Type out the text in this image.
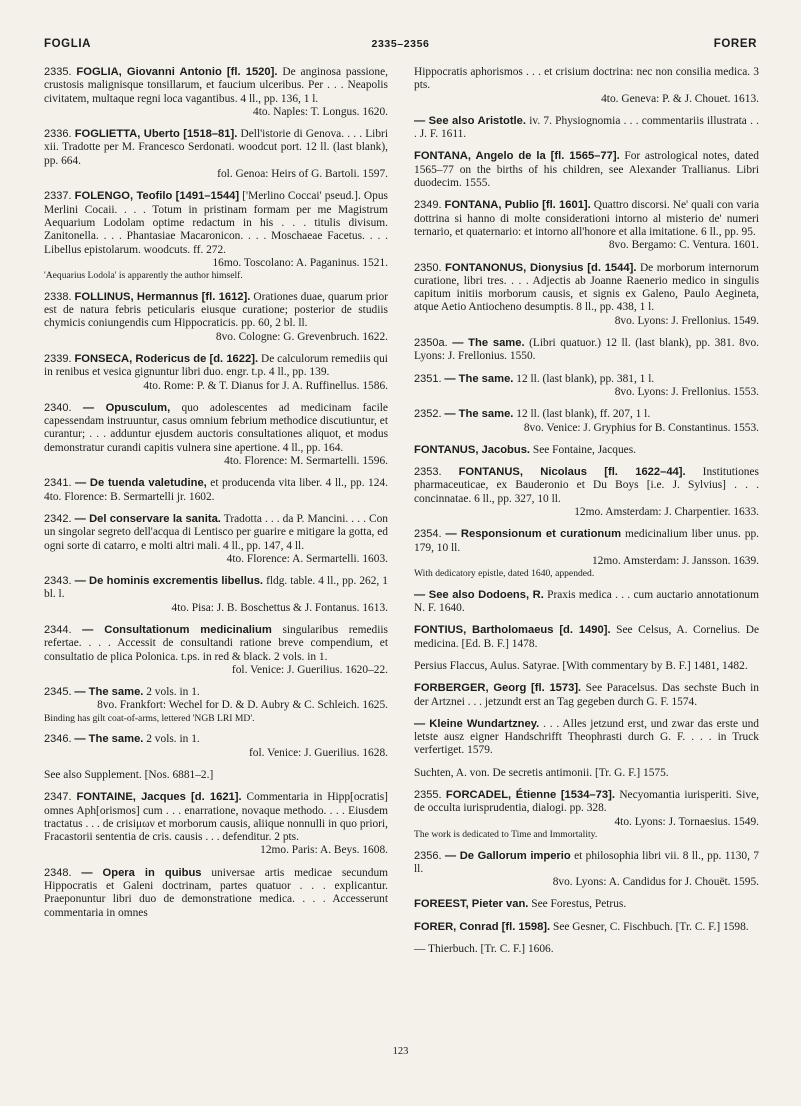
FOGLIA	2335–2356	FORER

2335. FOGLIA, Giovanni Antonio [fl. 1520]. De anginosa passione, crustosis malignisque tonsillarum, et faucium ulceribus. Per . . . Neapolis civitatem, multaque regni loca vagantibus. 4 ll., pp. 136, 1 l.

4to. Naples: T. Longus. 1620.

2336. FOGLIETTA, Uberto [1518–81]. Dell'istorie di Genova. . . . Libri xii. Tradotte per M. Francesco Serdonati. woodcut port. 12 ll. (last blank), pp. 664.

fol. Genoa: Heirs of G. Bartoli. 1597.

2337. FOLENGO, Teofilo [1491–1544] ['Merlino Coccai' pseud.]. Opus Merlini Cocaii. . . . Totum in pristinam formam per me Magistrum Aequarium Lodolam optime redactum in his . . . titulis divisum. Zanitonella. . . . Phantasiae Macaronicon. . . . Moschaeae Facetus. . . . Libellus epistolarum. woodcuts. ff. 272.

16mo. Toscolano: A. Paganinus. 1521.

'Aequarius Lodola' is apparently the author himself.

2338. FOLLINUS, Hermannus [fl. 1612]. Orationes duae, quarum prior est de natura febris peticularis eiusque curatione; posterior de studiis chymicis coniungendis cum Hippocraticis. pp. 60, 2 bl. ll.

8vo. Cologne: G. Grevenbruch. 1622.

2339. FONSECA, Rodericus de [d. 1622]. De calculorum remediis qui in renibus et vesica gignuntur libri duo. engr. t.p. 4 ll., pp. 139.

4to. Rome: P. & T. Dianus for J. A. Ruffinellus. 1586.

2340. — Opusculum, quo adolescentes ad medicinam facile capessendam instruuntur, casus omnium febrium methodice discutiuntur, et curantur; . . . adduntur ejusdem auctoris consultationes aliquot, et modus demonstratur curandi capitis vulnera sine apertione. 4 ll., pp. 164.

4to. Florence: M. Sermartelli. 1596.

2341. — De tuenda valetudine, et producenda vita liber. 4 ll., pp. 124. 4to. Florence: B. Sermartelli jr. 1602.

2342. — Del conservare la sanita. Tradotta . . . da P. Mancini. . . . Con un singolar segreto dell'acqua di Lentisco per guarire e mitigare la gotta, ed ogni sorte di catarro, e molti altri mali. 4 ll., pp. 147, 4 ll.

4to. Florence: A. Sermartelli. 1603.

2343. — De hominis excrementis libellus. fldg. table. 4 ll., pp. 262, 1 bl. l.

4to. Pisa: J. B. Boschettus & J. Fontanus. 1613.

2344. — Consultationum medicinalium singularibus remediis refertae. . . . Accessit de consultandi ratione breve compendium, et consultatio de plica Polonica. t.ps. in red & black. 2 vols. in 1.

fol. Venice: J. Guerilius. 1620–22.

2345. — The same. 2 vols. in 1.

8vo. Frankfort: Wechel for D. & D. Aubry & C. Schleich. 1625.

Binding has gilt coat-of-arms, lettered 'NGB LRI MD'.

2346. — The same. 2 vols. in 1.

fol. Venice: J. Guerilius. 1628.

See also Supplement. [Nos. 6881–2.]

2347. FONTAINE, Jacques [d. 1621]. Commentaria in Hipp[ocratis] omnes Aph[orismos] cum . . . enarratione, novaque methodo. . . . Eiusdem tractatus . . . de crisiμων et morborum causis, aliique nonnulli in quo priori, Fracastorii sententia de cris. causis . . . defenditur. 2 pts.

12mo. Paris: A. Beys. 1608.

2348. — Opera in quibus universae artis medicae secundum Hippocratis et Galeni doctrinam, partes quatuor . . . explicantur. Praeponuntur libri duo de demonstratione medica. . . . Accesserunt commentaria in omnes

Hippocratis aphorismos . . . et crisium doctrina: nec non consilia medica. 3 pts.

4to. Geneva: P. & J. Chouet. 1613.

— See also Aristotle. iv. 7. Physiognomia . . . commentariis illustrata . . . J. F. 1611.

FONTANA, Angelo de la [fl. 1565–77]. For astrological notes, dated 1565–77 on the births of his children, see Alexander Trallianus. Libri duodecim. 1555.

2349. FONTANA, Publio [fl. 1601]. Quattro discorsi. Ne' quali con varia dottrina si hanno di molte considerationi intorno al misterio de' numeri ternario, et quaternario: et intorno all'honore et alla imitatione. 6 ll., pp. 95.

8vo. Bergamo: C. Ventura. 1601.

2350. FONTANONUS, Dionysius [d. 1544]. De morborum internorum curatione, libri tres. . . . Adjectis ab Joanne Raenerio medico in singulis capitum initiis morborum causis, et signis ex Galeno, Paulo Aegineta, atque Aetio Antiocheno desumptis. 8 ll., pp. 438, 1 l.

8vo. Lyons: J. Frellonius. 1549.

2350a. — The same. (Libri quatuor.) 12 ll. (last blank), pp. 381. 8vo. Lyons: J. Frellonius. 1550.

2351. — The same. 12 ll. (last blank), pp. 381, 1 l.

8vo. Lyons: J. Frellonius. 1553.

2352. — The same. 12 ll. (last blank), ff. 207, 1 l.

8vo. Venice: J. Gryphius for B. Constantinus. 1553.

FONTANUS, Jacobus. See Fontaine, Jacques.

2353. FONTANUS, Nicolaus [fl. 1622–44]. Institutiones pharmaceuticae, ex Bauderonio et Du Boys [i.e. J. Sylvius] . . . concinnatae. 6 ll., pp. 327, 10 ll.

12mo. Amsterdam: J. Charpentier. 1633.

2354. — Responsionum et curationum medicinalium liber unus. pp. 179, 10 ll.

12mo. Amsterdam: J. Jansson. 1639.

With dedicatory epistle, dated 1640, appended.

— See also Dodoens, R. Praxis medica . . . cum auctario annotationum N. F. 1640.

FONTIUS, Bartholomaeus [d. 1490]. See Celsus, A. Cornelius. De medicina. [Ed. B. F.] 1478.

Persius Flaccus, Aulus. Satyrae. [With commentary by B. F.] 1481, 1482.

FORBERGER, Georg [fl. 1573]. See Paracelsus. Das sechste Buch in der Artznei . . . jetzundt erst an Tag gegeben durch G. F. 1574.

— Kleine Wundartzney. . . . Alles jetzund erst, und zwar das erste und letste ausz eigner Handschrifft Theophrasti durch G. F. . . . in Truck verfertiget. 1579.

Suchten, A. von. De secretis antimonii. [Tr. G. F.] 1575.

2355. FORCADEL, Étienne [1534–73]. Necyomantia iurisperiti. Sive, de occulta iurisprudentia, dialogi. pp. 328.

4to. Lyons: J. Tornaesius. 1549.

The work is dedicated to Time and Immortality.

2356. — De Gallorum imperio et philosophia libri vii. 8 ll., pp. 1130, 7 ll.

8vo. Lyons: A. Candidus for J. Chouët. 1595.

FOREEST, Pieter van. See Forestus, Petrus.

FORER, Conrad [fl. 1598]. See Gesner, C. Fischbuch. [Tr. C. F.] 1598.

— Thierbuch. [Tr. C. F.] 1606.

123
